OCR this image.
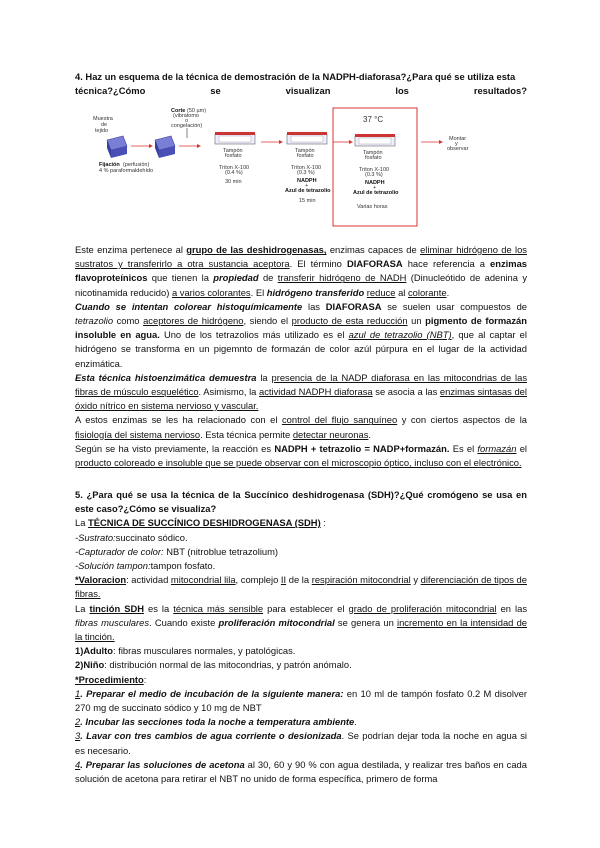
4. Haz un esquema de la técnica de demostración de la NADPH-diaforasa?¿Para qué se utiliza esta

técnica?¿Cómo	se	visualizan	los	resultados?

Muestra
de
tejido
Fijación (perfusión)
4 % paraformaldehído
Corte (50 µm)
(vibratomo
o
congelación)
Tampón
fosfato
Triton X-100
(0.4 %)
30 min
Tampón
fosfato
Triton X-100
(0.3 %)
NADPH
+
Azul de tetrazolio
15 min
37 °C
Tampón
fosfato
Triton X-100
(0.3 %)
NADPH
+
Azul de tetrazolio
Varias horas
Montar
y
observar

Este enzima pertenece al grupo de las deshidrogenasas, enzimas capaces de eliminar hidrógeno de los sustratos y transferirlo a otra sustancia aceptora. El término DIAFORASA hace referencia a enzimas flavoproteínicos que tienen la propiedad de transferir hidrógeno de NADH (Dinucleótido de adenina y nicotinamida reducido) a varios colorantes. El hidrógeno transferido reduce al colorante.

Cuando se intentan colorear histoquímicamente las DIAFORASA se suelen usar compuestos de tetrazolio como aceptores de hidrógeno, siendo el producto de esta reducción un pigmento de formazán insoluble en agua. Uno de los tetrazolios más utilizado es el azul de tetrazolio (NBT), que al captar el hidrógeno se transforma en un pigemnto de formazán de color azúl púrpura en el lugar de la actividad enzimática.

Esta técnica histoenzimática demuestra la presencia de la NADP diaforasa en las mitocondrias de las fibras de músculo esquelético. Asimismo, la actividad NADPH diaforasa se asocia a las enzimas sintasas del óxido nítrico en sistema nervioso y vascular.

A estos enzimas se les ha relacionado con el control del flujo sanguíneo y con ciertos aspectos de la fisiología del sistema nervioso. Esta técnica permite detectar neuronas.

Según se ha visto previamente, la reacción es NADPH + tetrazolio = NADP+formazán. Es el formazán el producto coloreado e insoluble que se puede observar con el microscopio óptico, incluso con el electrónico.

5. ¿Para qué se usa la técnica de la Succínico deshidrogenasa (SDH)?¿Qué cromógeno se usa en este caso?¿Cómo se visualiza?

La TÉCNICA DE SUCCÍNICO DESHIDROGENASA (SDH) :

-Sustrato:succinato sódico.

-Capturador de color: NBT (nitroblue tetrazolium)

-Solución tampon:tampon fosfato.

*Valoracion: actividad mitocondrial lila, complejo II de la respiración mitocondrial y diferenciación de tipos de fibras.

La tinción SDH es la técnica más sensible para establecer el grado de proliferación mitocondrial en las fibras musculares. Cuando existe proliferación mitocondrial se genera un incremento en la intensidad de la tinción.

1)Adulto: fibras musculares normales, y patológicas.

2)Niño: distribución normal de las mitocondrias, y patrón anómalo.

*Procedimiento:

1. Preparar el medio de incubación de la siguiente manera: en 10 ml de tampón fosfato 0.2 M disolver 270 mg de succinato sódico y 10 mg de NBT

2. Incubar las secciones toda la noche a temperatura ambiente.

3. Lavar con tres cambios de agua corriente o desionizada. Se podrían dejar toda la noche en agua si es necesario.

4. Preparar las soluciones de acetona al 30, 60 y 90 % con agua destilada, y realizar tres baños en cada solución de acetona para retirar el NBT no unido de forma específica, primero de forma
